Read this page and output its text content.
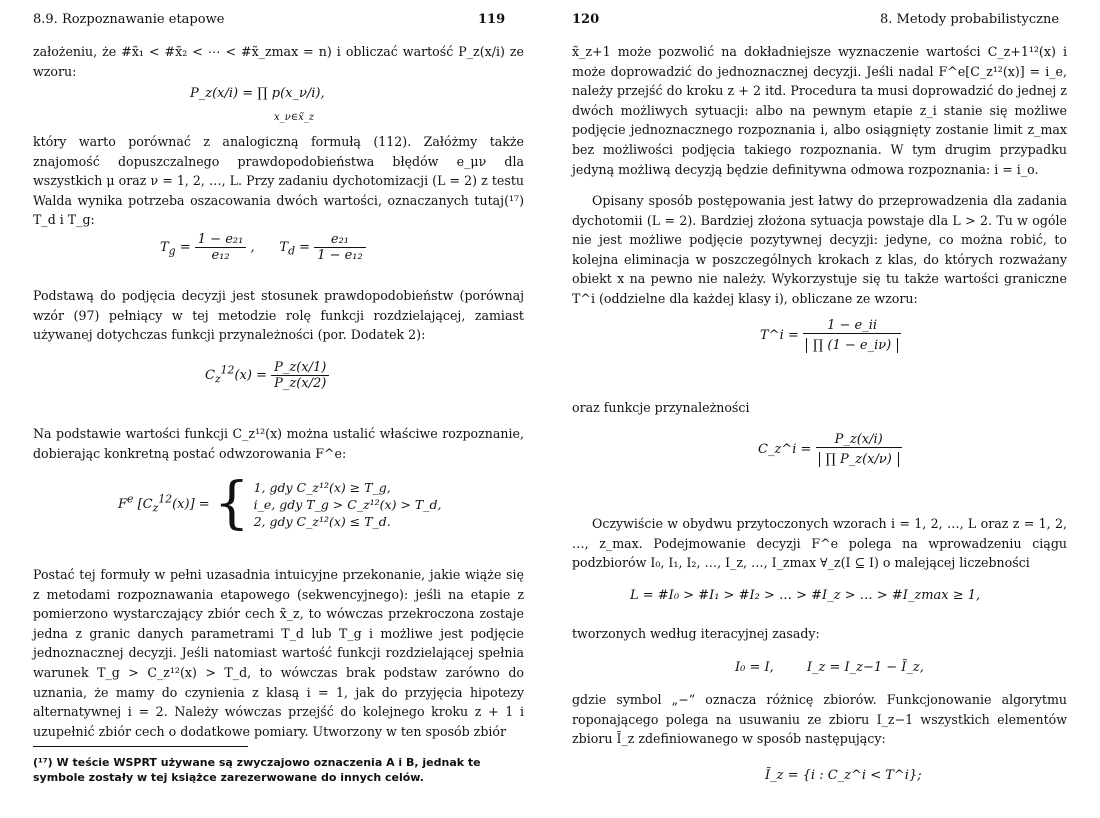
8.9. Rozpoznawanie etapowe	119
założeniu, że #x̃₁ < #x̃₂ < ⋯ < #x̃_zmax = n) i obliczać wartość P_z(x/i) ze wzoru:
P_z(x/i) = ∏ p(x_ν/i),
x_ν∈x̃_z
który warto porównać z analogiczną formułą (112). Załóżmy także znajomość dopuszczalnego prawdopodobieństwa błędów e_μν dla wszystkich μ oraz ν = 1, 2, …, L. Przy zadaniu dychotomizacji (L = 2) z testu Walda wynika potrzeba oszacowania dwóch wartości, oznaczanych tutaj(¹⁷) T_d i T_g:
$T_g = \frac{\text{1 − e₂₁}}{\text{e₁₂}}$ ,      $T_d = \frac{\text{e₂₁}}{\text{1 − e₁₂}}$
Podstawą do podjęcia decyzji jest stosunek prawdopodobieństw (porównaj wzór (97) pełniący w tej metodzie rolę funkcji rozdzielającej, zamiast używanej dotychczas funkcji przynależności (por. Dodatek 2):
$C_z^{12}(x) = \frac{P\_z(x/1)}{P\_z(x/2)}$
Na podstawie wartości funkcji C_z¹²(x) można ustalić właściwe rozpoznanie, dobierając konkretną postać odwzorowania F^e:
$F^e$ $[C_z^{12}(x)]$ = { 1, gdy C_z¹²(x) ≥ T_g,
i_e, gdy T_g > C_z¹²(x) > T_d,
2, gdy C_z¹²(x) ≤ T_d.
Postać tej formuły w pełni uzasadnia intuicyjne przekonanie, jakie wiąże się z metodami rozpoznawania etapowego (sekwencyjnego): jeśli na etapie z pomierzono wystarczający zbiór cech x̃_z, to wówczas przekroczona zostaje jedna z granic danych parametrami T_d lub T_g i możliwe jest podjęcie jednoznacznej decyzji. Jeśli natomiast wartość funkcji rozdzielającej spełnia warunek T_g > C_z¹²(x) > T_d, to wówczas brak podstaw zarówno do uznania, że mamy do czynienia z klasą i = 1, jak do przyjęcia hipotezy alternatywnej i = 2. Należy wówczas przejść do kolejnego kroku z + 1 i uzupełnić zbiór cech o dodatkowe pomiary. Utworzony w ten sposób zbiór
(¹⁷) W teście WSPRT używane są zwyczajowo oznaczenia A i B, jednak te symbole zostały w tej książce zarezerwowane do innych celów.
120	8. Metody probabilistyczne
x̃_z+1 może pozwolić na dokładniejsze wyznaczenie wartości C_z+1¹²(x) i może doprowadzić do jednoznacznej decyzji. Jeśli nadal F^e[C_z¹²(x)] = i_e, należy przejść do kroku z + 2 itd. Procedura ta musi doprowadzić do jednej z dwóch możliwych sytuacji: albo na pewnym etapie z_i stanie się możliwe podjęcie jednoznacznego rozpoznania i, albo osiągnięty zostanie limit z_max bez możliwości podjęcia takiego rozpoznania. W tym drugim przypadku jedyną możliwą decyzją będzie definitywna odmowa rozpoznania: i = i_o.
Opisany sposób postępowania jest łatwy do przeprowadzenia dla zadania dychotomii (L = 2). Bardziej złożona sytuacja powstaje dla L > 2. Tu w ogóle nie jest możliwe podjęcie pozytywnej decyzji: jedyne, co można robić, to kolejna eliminacja w poszczególnych krokach z klas, do których rozważany obiekt x na pewno nie należy. Wykorzystuje się tu także wartości graniczne T^i (oddzielne dla każdej klasy i), obliczane ze wzoru:
T^i = $\frac{1 - e\_ii}{\prod (1 - e\_i\nu)}$
oraz funkcje przynależności
C_z^i = $\frac{P\_z(x/i)}{\prod P\_z(x/\nu)}$
Oczywiście w obydwu przytoczonych wzorach i = 1, 2, …, L oraz z = 1, 2, …, z_max. Podejmowanie decyzji F^e polega na wprowadzeniu ciągu podzbiorów I₀, I₁, I₂, …, I_z, …, I_zmax ∀_z(I ⊆ I) o malejącej liczebności
L = #I₀ > #I₁ > #I₂ > … > #I_z > … > #I_zmax ≥ 1,
tworzonych według iteracyjnej zasady:
I₀ = I,        I_z = I_z−1 − Ĩ_z,
gdzie symbol „−” oznacza różnicę zbiorów. Funkcjonowanie algorytmu roponającego polega na usuwaniu ze zbioru I_z−1 wszystkich elementów zbioru Ĩ_z zdefiniowanego w sposób następujący:
Ĩ_z = {i : C_z^i < T^i};
